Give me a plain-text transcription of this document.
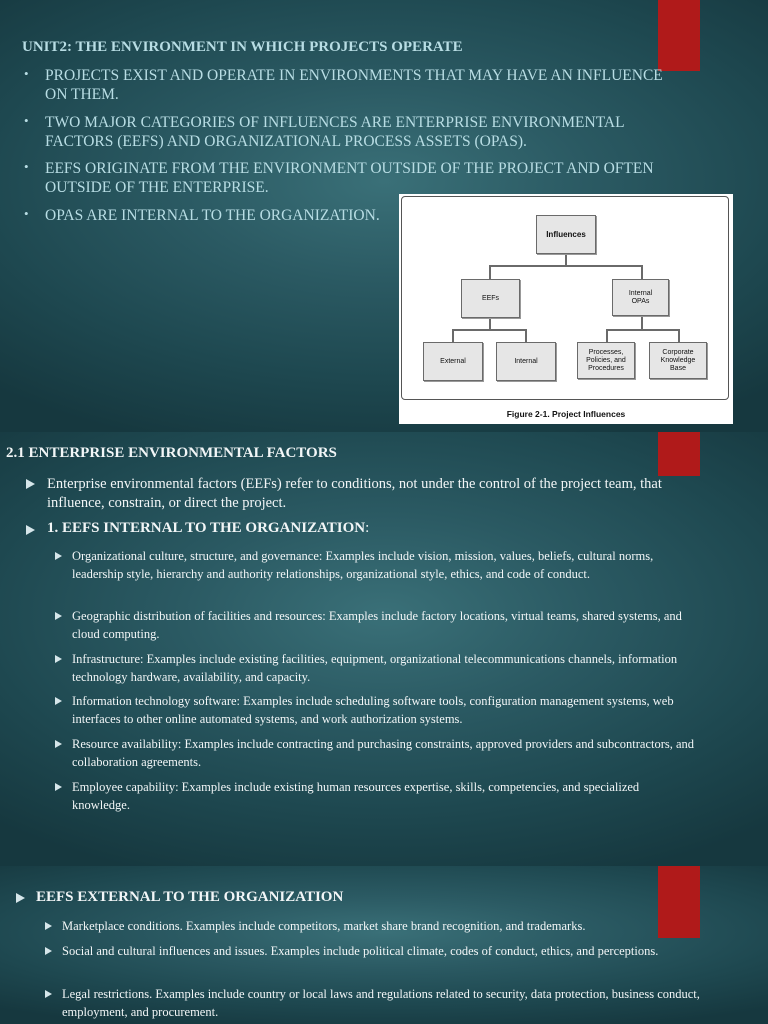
UNIT2: THE ENVIRONMENT IN WHICH PROJECTS OPERATE

• PROJECTS EXIST AND OPERATE IN ENVIRONMENTS THAT MAY HAVE AN INFLUENCE ON THEM.

• TWO MAJOR CATEGORIES OF INFLUENCES ARE ENTERPRISE ENVIRONMENTAL FACTORS (EEFS) AND ORGANIZATIONAL PROCESS ASSETS (OPAS).

• EEFS ORIGINATE FROM THE ENVIRONMENT OUTSIDE OF THE PROJECT AND OFTEN OUTSIDE OF THE ENTERPRISE.

• OPAS ARE INTERNAL TO THE ORGANIZATION.

Influences
EEFs
Internal OPAs
External	Internal
Processes, Policies, and Procedures
Corporate Knowledge Base
Figure 2-1. Project Influences

2.1 ENTERPRISE ENVIRONMENTAL FACTORS

Enterprise environmental factors (EEFs) refer to conditions, not under the control of the project team, that influence, constrain, or direct the project.

1. EEFS INTERNAL TO THE ORGANIZATION:

Organizational culture, structure, and governance: Examples include vision, mission, values, beliefs, cultural norms, leadership style, hierarchy and authority relationships, organizational style, ethics, and code of conduct.

Geographic distribution of facilities and resources: Examples include factory locations, virtual teams, shared systems, and cloud computing.

Infrastructure: Examples include existing facilities, equipment, organizational telecommunications channels, information technology hardware, availability, and capacity.

Information technology software: Examples include scheduling software tools, configuration management systems, web interfaces to other online automated systems, and work authorization systems.

Resource availability: Examples include contracting and purchasing constraints, approved providers and subcontractors, and collaboration agreements.

Employee capability: Examples include existing human resources expertise, skills, competencies, and specialized knowledge.

EEFS EXTERNAL TO THE ORGANIZATION

Marketplace conditions. Examples include competitors, market share brand recognition, and trademarks.

Social and cultural influences and issues. Examples include political climate, codes of conduct, ethics, and perceptions.

Legal restrictions. Examples include country or local laws and regulations related to security, data protection, business conduct, employment, and procurement.
